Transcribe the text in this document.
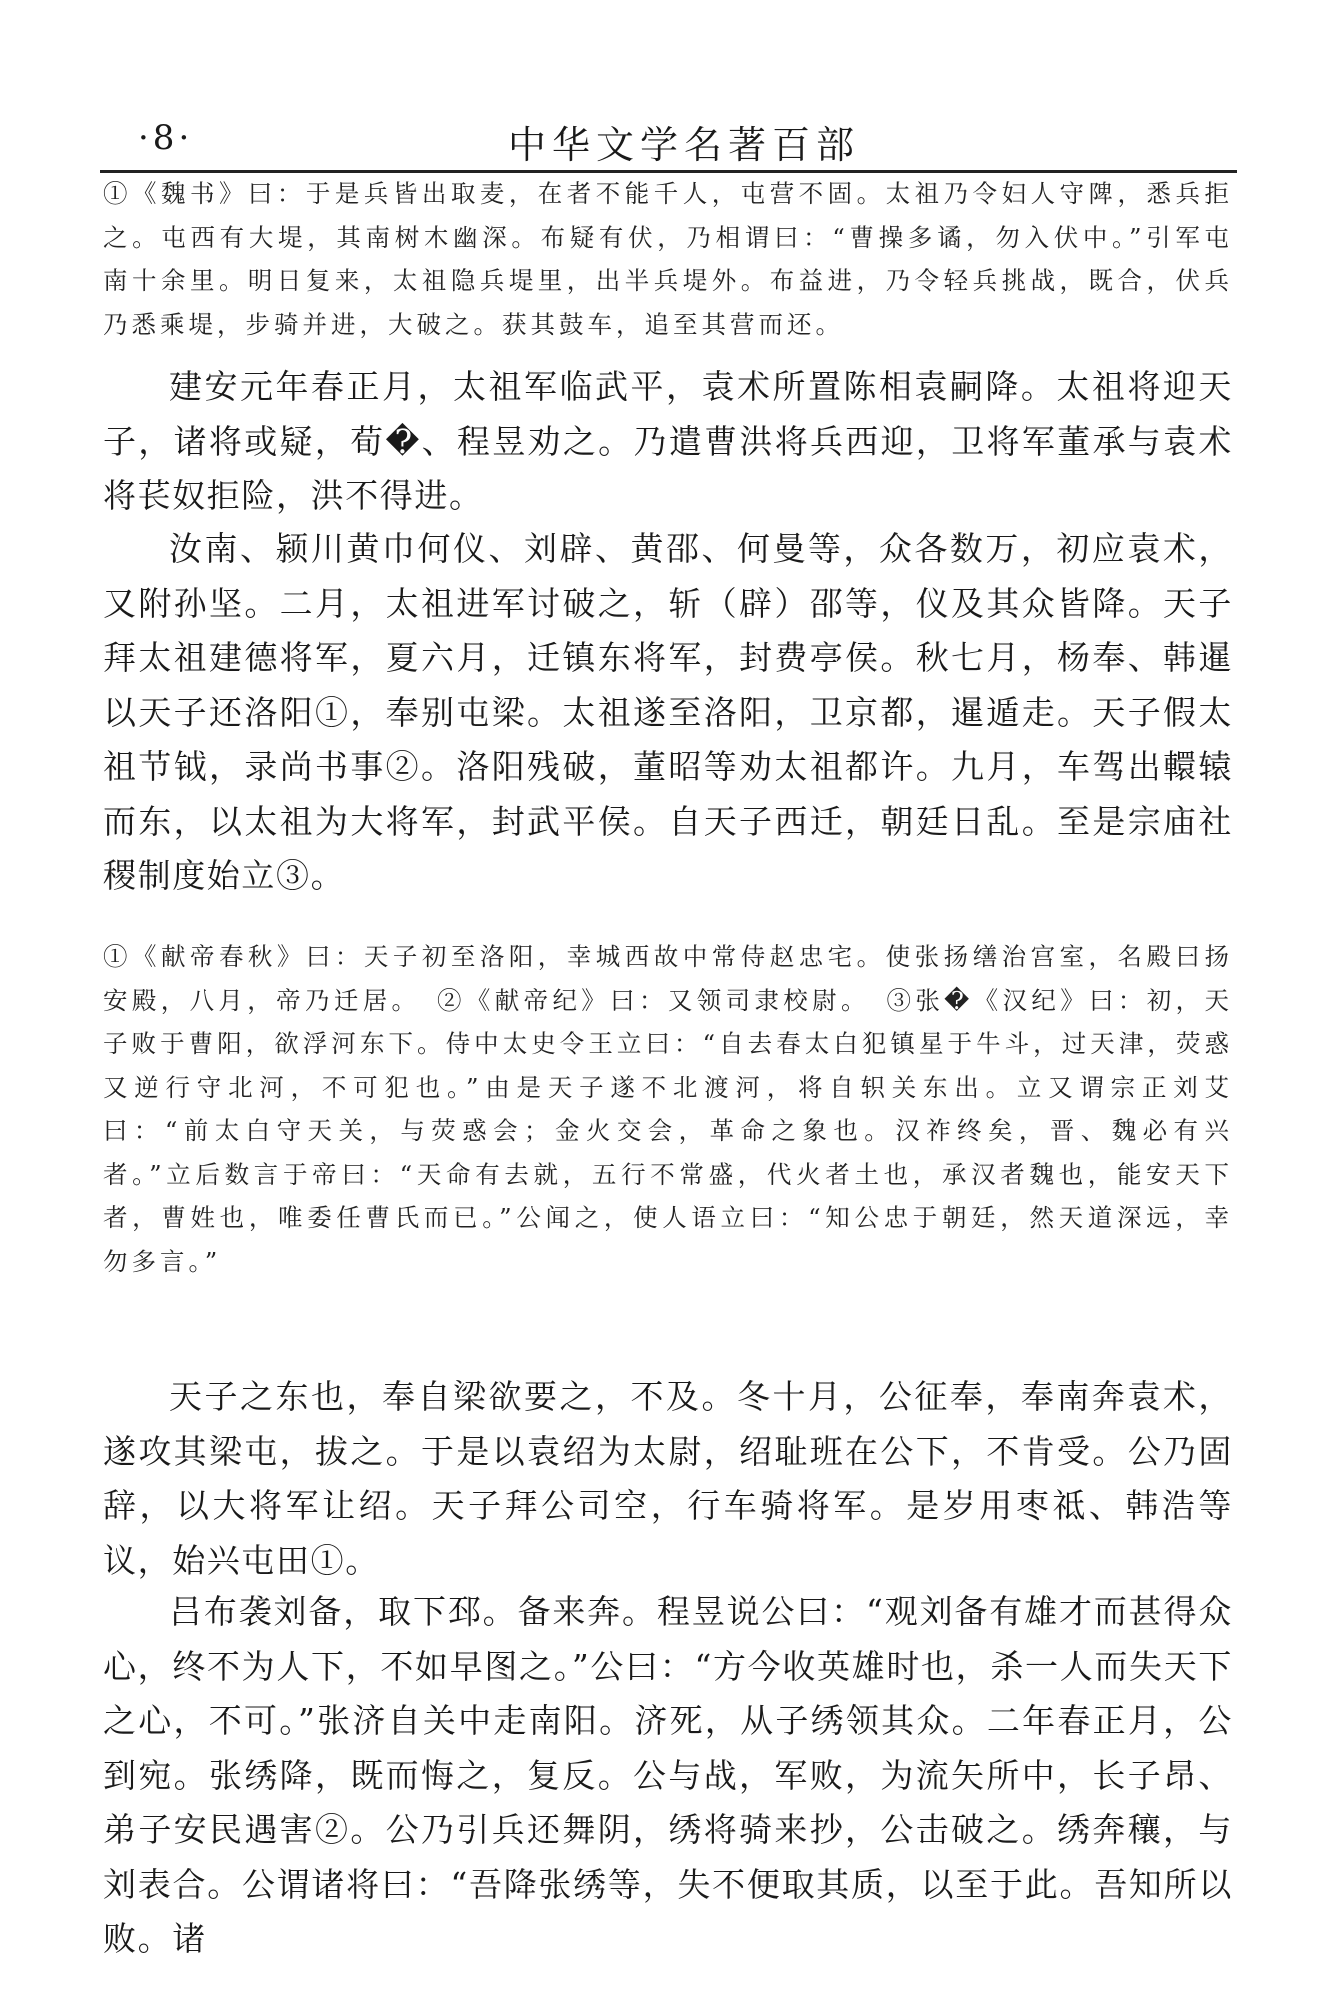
·8·	中华文学名著百部

①《魏书》曰：于是兵皆出取麦，在者不能千人，屯营不固。太祖乃令妇人守陴，悉兵拒之。屯西有大堤，其南树木幽深。布疑有伏，乃相谓曰：“曹操多谲，勿入伏中。”引军屯南十余里。明日复来，太祖隐兵堤里，出半兵堤外。布益进，乃令轻兵挑战，既合，伏兵乃悉乘堤，步骑并进，大破之。获其鼓车，追至其营而还。

建安元年春正月，太祖军临武平，袁术所置陈相袁嗣降。太祖将迎天子，诸将或疑，荀�、程昱劝之。乃遣曹洪将兵西迎，卫将军董承与袁术将苌奴拒险，洪不得进。

汝南、颍川黄巾何仪、刘辟、黄邵、何曼等，众各数万，初应袁术，又附孙坚。二月，太祖进军讨破之，斩（辟）邵等，仪及其众皆降。天子拜太祖建德将军，夏六月，迁镇东将军，封费亭侯。秋七月，杨奉、韩暹以天子还洛阳①，奉别屯梁。太祖遂至洛阳，卫京都，暹遁走。天子假太祖节钺，录尚书事②。洛阳残破，董昭等劝太祖都许。九月，车驾出轘辕而东，以太祖为大将军，封武平侯。自天子西迁，朝廷日乱。至是宗庙社稷制度始立③。

①《献帝春秋》曰：天子初至洛阳，幸城西故中常侍赵忠宅。使张扬缮治宫室，名殿曰扬安殿，八月，帝乃迁居。　②《献帝纪》曰：又领司隶校尉。　③张�《汉纪》曰：初，天子败于曹阳，欲浮河东下。侍中太史令王立曰：“自去春太白犯镇星于牛斗，过天津，荧惑又逆行守北河，不可犯也。”由是天子遂不北渡河，将自轵关东出。立又谓宗正刘艾曰：“前太白守天关，与荧惑会；金火交会，革命之象也。汉祚终矣，晋、魏必有兴者。”立后数言于帝曰：“天命有去就，五行不常盛，代火者土也，承汉者魏也，能安天下者，曹姓也，唯委任曹氏而已。”公闻之，使人语立曰：“知公忠于朝廷，然天道深远，幸勿多言。”

天子之东也，奉自梁欲要之，不及。冬十月，公征奉，奉南奔袁术，遂攻其梁屯，拔之。于是以袁绍为太尉，绍耻班在公下，不肯受。公乃固辞，以大将军让绍。天子拜公司空，行车骑将军。是岁用枣祗、韩浩等议，始兴屯田①。

吕布袭刘备，取下邳。备来奔。程昱说公曰：“观刘备有雄才而甚得众心，终不为人下，不如早图之。”公曰：“方今收英雄时也，杀一人而失天下之心，不可。”张济自关中走南阳。济死，从子绣领其众。二年春正月，公到宛。张绣降，既而悔之，复反。公与战，军败，为流矢所中，长子昂、弟子安民遇害②。公乃引兵还舞阴，绣将骑来抄，公击破之。绣奔穰，与刘表合。公谓诸将曰：“吾降张绣等，失不便取其质，以至于此。吾知所以败。诸
